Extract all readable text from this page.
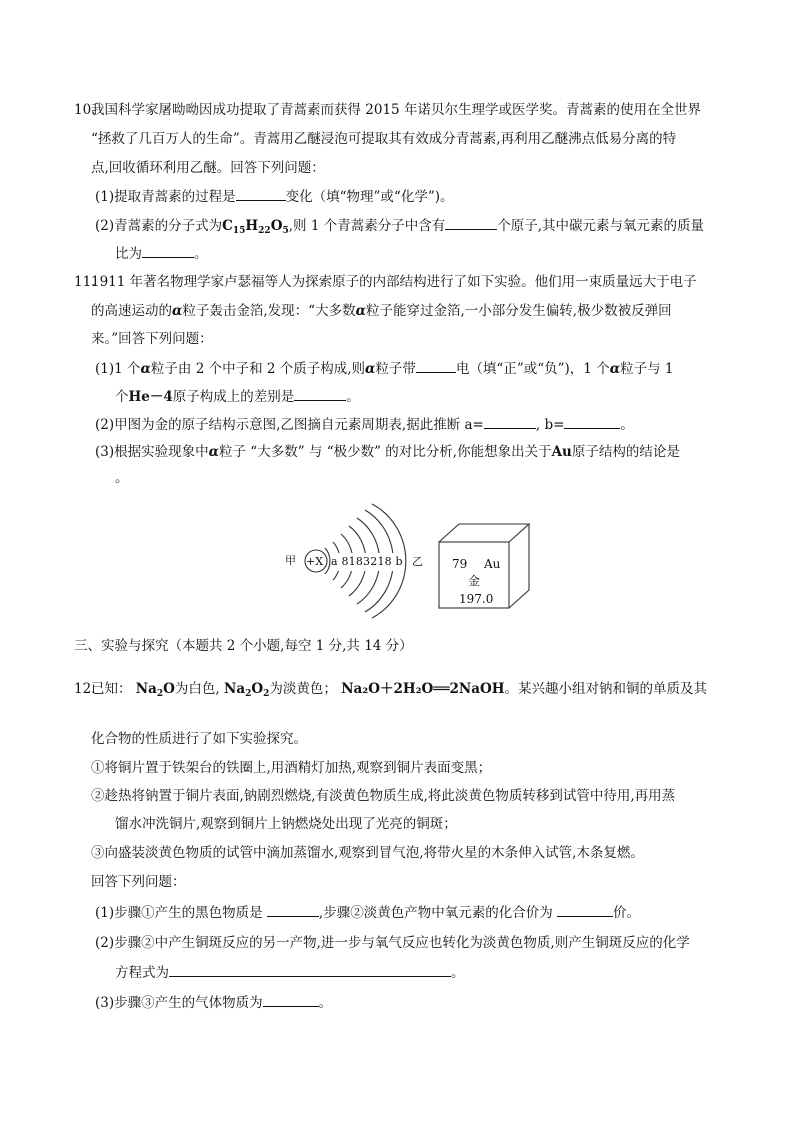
10.
我国科学家屠呦呦因成功提取了青蒿素而获得 2015 年诺贝尔生理学或医学奖。青蒿素的使用在全世界
“拯救了几百万人的生命”。青蒿用乙醚浸泡可提取其有效成分青蒿素,再利用乙醚沸点低易分离的特
点,回收循环利用乙醚。回答下列问题：
(1)提取青蒿素的过程是	变化（填“物理”或“化学”)。
(2)青蒿素的分子式为$C_{15}H_{22}O_5$,则 1 个青蒿素分子中含有	个原子,其中碳元素与氧元素的质量
比为	。
11.
1911 年著名物理学家卢瑟福等人为探索原子的内部结构进行了如下实验。他们用一束质量远大于电子
的高速运动的α粒子轰击金箔,发现：“大多数α粒子能穿过金箔,一小部分发生偏转,极少数被反弹回
来。”回答下列问题：
(1)1 个α粒子由 2 个中子和 2 个质子构成,则α粒子带	电（填“正”或“负”)，1 个α粒子与 1
个He－4原子构成上的差别是	。
(2)甲图为金的原子结构示意图,乙图摘自元素周期表,据此推断 a=	, b=	。
(3)根据实验现象中α粒子 “大多数” 与 “极少数” 的对比分析,你能想象出关于Au原子结构的结论是
。
甲 +X a 8183218 b 乙 79 Au
金
197.0
三、实验与探究（本题共 2 个小题,每空 1 分,共 14 分）
12.
已知： $Na_2O$为白色, $Na_2O_2$为淡黄色； Na₂O＋2H₂O══2NaOH。某兴趣小组对钠和铜的单质及其
化合物的性质进行了如下实验探究。
①将铜片置于铁架台的铁圈上,用酒精灯加热,观察到铜片表面变黑；
②趁热将钠置于铜片表面,钠剧烈燃烧,有淡黄色物质生成,将此淡黄色物质转移到试管中待用,再用蒸
馏水冲洗铜片,观察到铜片上钠燃烧处出现了光亮的铜斑；
③向盛装淡黄色物质的试管中滴加蒸馏水,观察到冒气泡,将带火星的木条伸入试管,木条复燃。
回答下列问题：
(1)步骤①产生的黑色物质是	,步骤②淡黄色产物中氧元素的化合价为	价。
(2)步骤②中产生铜斑反应的另一产物,进一步与氧气反应也转化为淡黄色物质,则产生铜斑反应的化学
方程式为	。
(3)步骤③产生的气体物质为	。
